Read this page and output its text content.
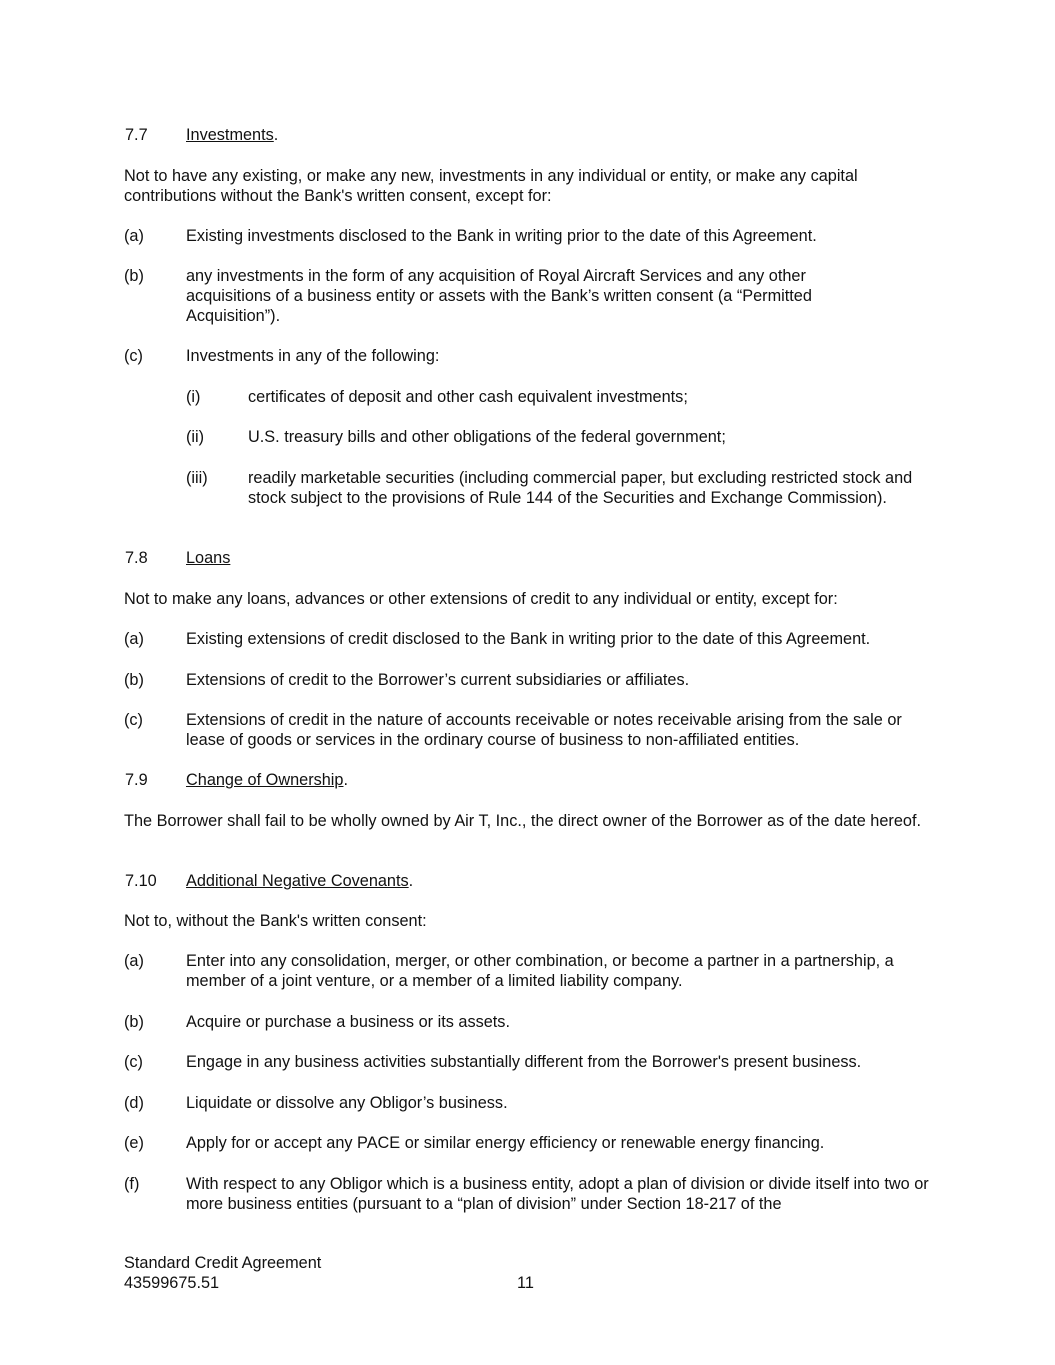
7.7 Investments.
Not to have any existing, or make any new, investments in any individual or entity, or make any capital contributions without the Bank's written consent, except for:
(a)	Existing investments disclosed to the Bank in writing prior to the date of this Agreement.
(b)	any investments in the form of any acquisition of Royal Aircraft Services and any other acquisitions of a business entity or assets with the Bank’s written consent (a “Permitted Acquisition”).
(c)	Investments in any of the following:
(i)	certificates of deposit and other cash equivalent investments;
(ii)	U.S. treasury bills and other obligations of the federal government;
(iii) readily marketable securities (including commercial paper, but excluding restricted stock and stock subject to the provisions of Rule 144 of the Securities and Exchange Commission).
7.8 Loans
Not to make any loans, advances or other extensions of credit to any individual or entity, except for:
(a)	Existing extensions of credit disclosed to the Bank in writing prior to the date of this Agreement.
(b)	Extensions of credit to the Borrower’s current subsidiaries or affiliates.
(c)	Extensions of credit in the nature of accounts receivable or notes receivable arising from the sale or lease of goods or services in the ordinary course of business to non-affiliated entities.
7.9 Change of Ownership.
The Borrower shall fail to be wholly owned by Air T, Inc., the direct owner of the Borrower as of the date hereof.
7.10 Additional Negative Covenants.
Not to, without the Bank's written consent:
(a)	Enter into any consolidation, merger, or other combination, or become a partner in a partnership, a member of a joint venture, or a member of a limited liability company.
(b)	Acquire or purchase a business or its assets.
(c)	Engage in any business activities substantially different from the Borrower's present business.
(d)	Liquidate or dissolve any Obligor’s business.
(e)	Apply for or accept any PACE or similar energy efficiency or renewable energy financing.
(f)	With respect to any Obligor which is a business entity, adopt a plan of division or divide itself into two or more business entities (pursuant to a “plan of division” under Section 18-217 of the
Standard Credit Agreement
43599675.51	11
